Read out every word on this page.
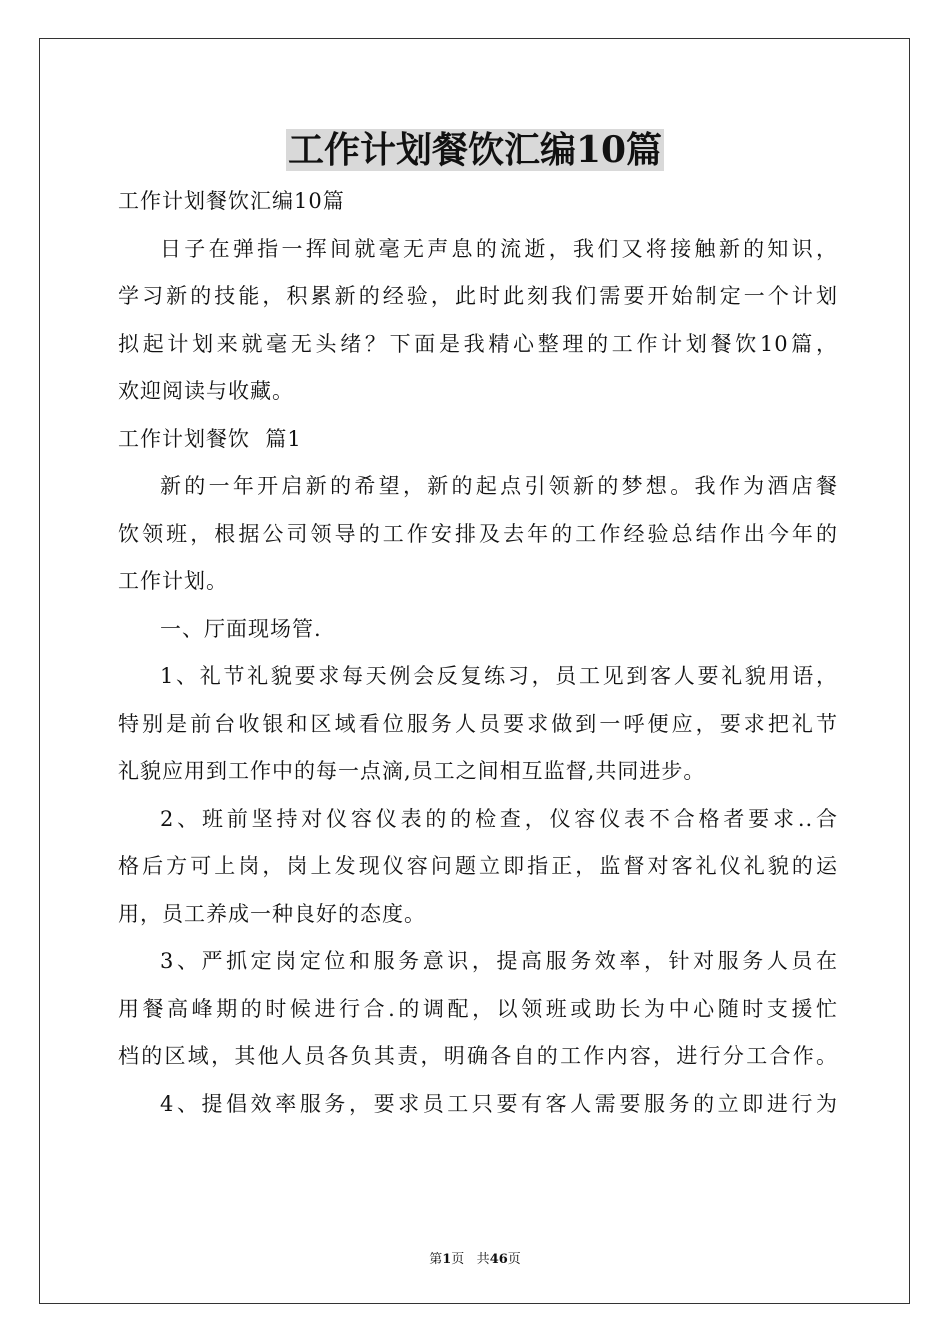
工作计划餐饮汇编10篇
工作计划餐饮汇编10篇
日子在弹指一挥间就毫无声息的流逝，我们又将接触新的知识，
学习新的技能，积累新的经验，此时此刻我们需要开始制定一个计划
拟起计划来就毫无头绪？下面是我精心整理的工作计划餐饮10篇，
欢迎阅读与收藏。
工作计划餐饮  篇1
新的一年开启新的希望，新的起点引领新的梦想。我作为酒店餐
饮领班，根据公司领导的工作安排及去年的工作经验总结作出今年的
工作计划。
一、厅面现场管.
1、礼节礼貌要求每天例会反复练习，员工见到客人要礼貌用语，
特别是前台收银和区域看位服务人员要求做到一呼便应，要求把礼节
礼貌应用到工作中的每一点滴,员工之间相互监督,共同进步。
2、班前坚持对仪容仪表的的检查，仪容仪表不合格者要求..合
格后方可上岗，岗上发现仪容问题立即指正，监督对客礼仪礼貌的运
用，员工养成一种良好的态度。
3、严抓定岗定位和服务意识，提高服务效率，针对服务人员在
用餐高峰期的时候进行合.的调配，以领班或助长为中心随时支援忙
档的区域，其他人员各负其责，明确各自的工作内容，进行分工合作。
4、提倡效率服务，要求员工只要有客人需要服务的立即进行为
第1页 共46页
